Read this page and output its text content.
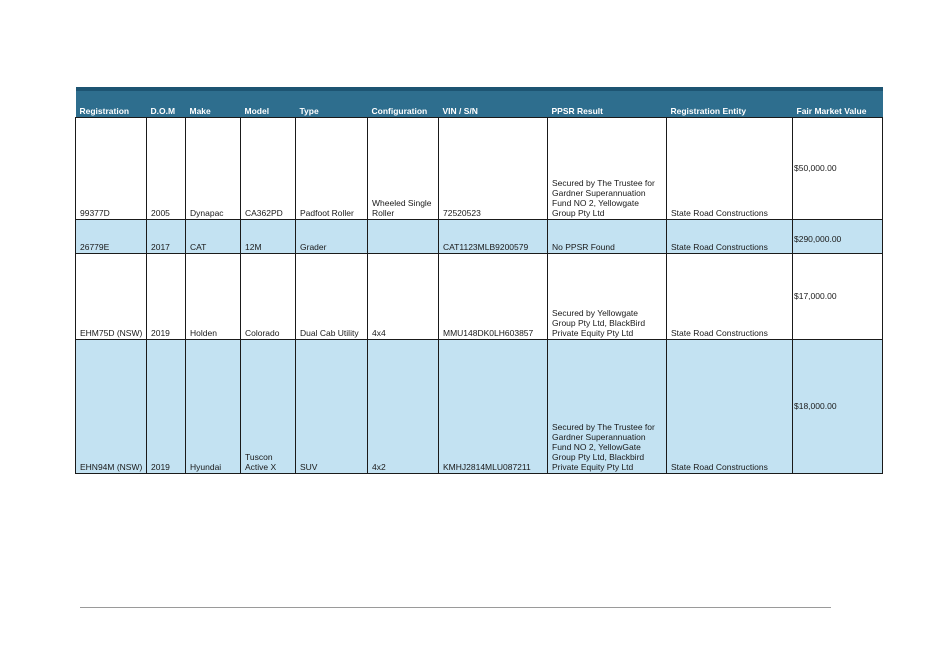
Registration	D.O.M	Make	Model	Type	Configuration	VIN / S/N	PPSR Result	Registration Entity	Fair Market Value
99377D	2005	Dynapac	CA362PD	Padfoot Roller	Wheeled Single Roller	72520523	Secured by The Trustee for Gardner Superannuation Fund NO 2, Yellowgate Group Pty Ltd	State Road Constructions	$50,000.00
26779E	2017	CAT	12M	Grader		CAT1123MLB9200579	No PPSR Found	State Road Constructions	$290,000.00
EHM75D (NSW)	2019	Holden	Colorado	Dual Cab Utility	4x4	MMU148DK0LH603857	Secured by Yellowgate Group Pty Ltd, BlackBird Private Equity Pty Ltd	State Road Constructions	$17,000.00
EHN94M (NSW)	2019	Hyundai	Tuscon Active X	SUV	4x2	KMHJ2814MLU087211	Secured by The Trustee for Gardner Superannuation Fund NO 2, YellowGate Group Pty Ltd, Blackbird Private Equity Pty Ltd	State Road Constructions	$18,000.00
